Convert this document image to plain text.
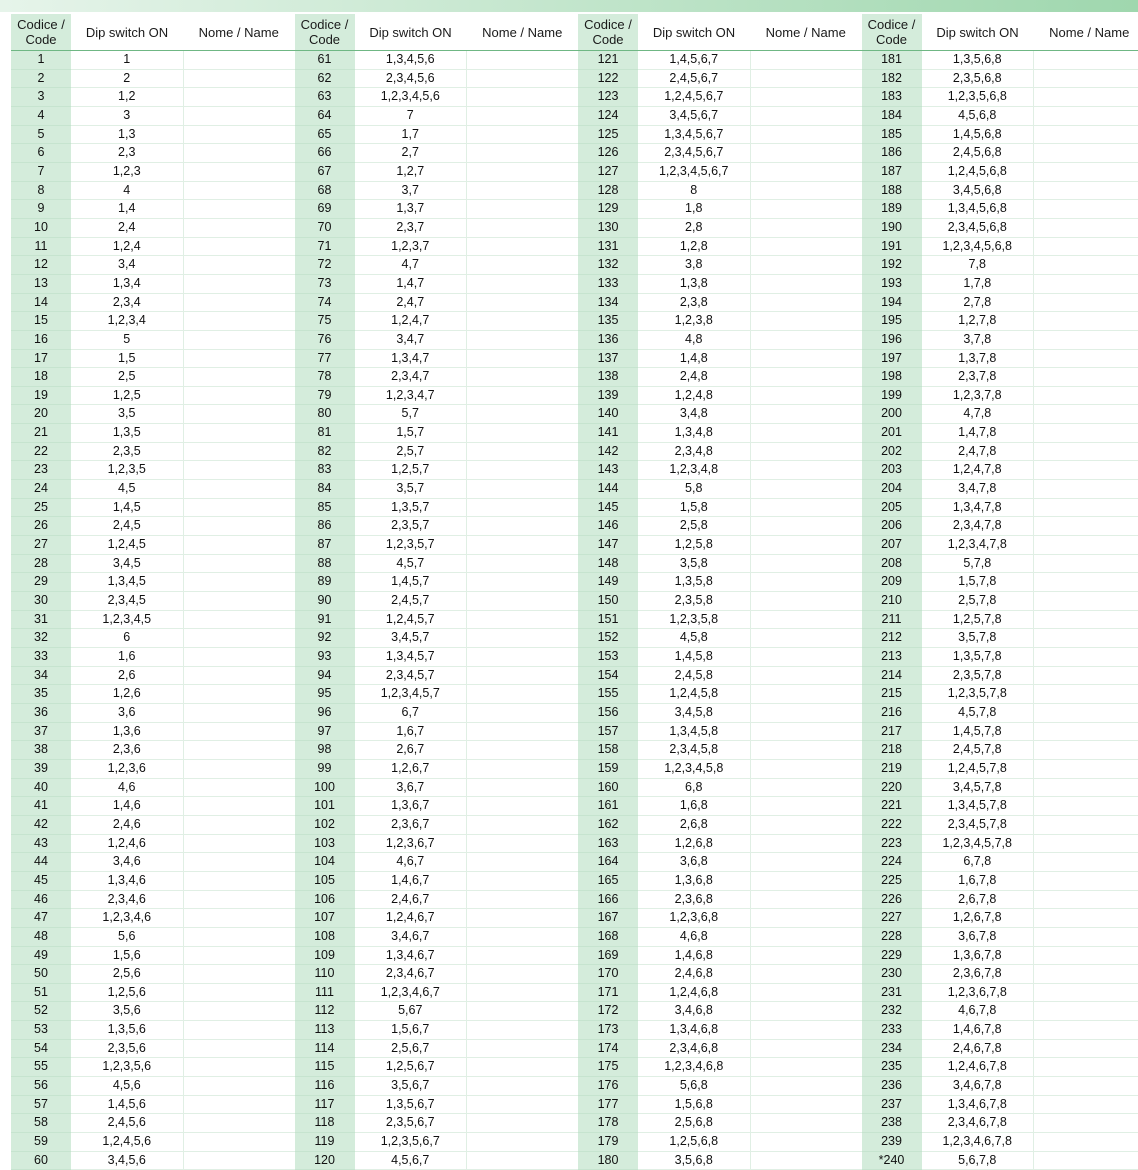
Codice / Code	Dip switch ON	Nome / Name
1	1	
2	2	
3	1,2	
4	3	
5	1,3	
6	2,3	
7	1,2,3	
8	4	
9	1,4	
10	2,4	
11	1,2,4	
12	3,4	
13	1,3,4	
14	2,3,4	
15	1,2,3,4	
16	5	
17	1,5	
18	2,5	
19	1,2,5	
20	3,5	
21	1,3,5	
22	2,3,5	
23	1,2,3,5	
24	4,5	
25	1,4,5	
26	2,4,5	
27	1,2,4,5	
28	3,4,5	
29	1,3,4,5	
30	2,3,4,5	
31	1,2,3,4,5	
32	6	
33	1,6	
34	2,6	
35	1,2,6	
36	3,6	
37	1,3,6	
38	2,3,6	
39	1,2,3,6	
40	4,6	
41	1,4,6	
42	2,4,6	
43	1,2,4,6	
44	3,4,6	
45	1,3,4,6	
46	2,3,4,6	
47	1,2,3,4,6	
48	5,6	
49	1,5,6	
50	2,5,6	
51	1,2,5,6	
52	3,5,6	
53	1,3,5,6	
54	2,3,5,6	
55	1,2,3,5,6	
56	4,5,6	
57	1,4,5,6	
58	2,4,5,6	
59	1,2,4,5,6	
60	3,4,5,6	
Codice / Code	Dip switch ON	Nome / Name
61	1,3,4,5,6	
62	2,3,4,5,6	
63	1,2,3,4,5,6	
64	7	
65	1,7	
66	2,7	
67	1,2,7	
68	3,7	
69	1,3,7	
70	2,3,7	
71	1,2,3,7	
72	4,7	
73	1,4,7	
74	2,4,7	
75	1,2,4,7	
76	3,4,7	
77	1,3,4,7	
78	2,3,4,7	
79	1,2,3,4,7	
80	5,7	
81	1,5,7	
82	2,5,7	
83	1,2,5,7	
84	3,5,7	
85	1,3,5,7	
86	2,3,5,7	
87	1,2,3,5,7	
88	4,5,7	
89	1,4,5,7	
90	2,4,5,7	
91	1,2,4,5,7	
92	3,4,5,7	
93	1,3,4,5,7	
94	2,3,4,5,7	
95	1,2,3,4,5,7	
96	6,7	
97	1,6,7	
98	2,6,7	
99	1,2,6,7	
100	3,6,7	
101	1,3,6,7	
102	2,3,6,7	
103	1,2,3,6,7	
104	4,6,7	
105	1,4,6,7	
106	2,4,6,7	
107	1,2,4,6,7	
108	3,4,6,7	
109	1,3,4,6,7	
110	2,3,4,6,7	
111	1,2,3,4,6,7	
112	5,67	
113	1,5,6,7	
114	2,5,6,7	
115	1,2,5,6,7	
116	3,5,6,7	
117	1,3,5,6,7	
118	2,3,5,6,7	
119	1,2,3,5,6,7	
120	4,5,6,7	
Codice / Code	Dip switch ON	Nome / Name
121	1,4,5,6,7	
122	2,4,5,6,7	
123	1,2,4,5,6,7	
124	3,4,5,6,7	
125	1,3,4,5,6,7	
126	2,3,4,5,6,7	
127	1,2,3,4,5,6,7	
128	8	
129	1,8	
130	2,8	
131	1,2,8	
132	3,8	
133	1,3,8	
134	2,3,8	
135	1,2,3,8	
136	4,8	
137	1,4,8	
138	2,4,8	
139	1,2,4,8	
140	3,4,8	
141	1,3,4,8	
142	2,3,4,8	
143	1,2,3,4,8	
144	5,8	
145	1,5,8	
146	2,5,8	
147	1,2,5,8	
148	3,5,8	
149	1,3,5,8	
150	2,3,5,8	
151	1,2,3,5,8	
152	4,5,8	
153	1,4,5,8	
154	2,4,5,8	
155	1,2,4,5,8	
156	3,4,5,8	
157	1,3,4,5,8	
158	2,3,4,5,8	
159	1,2,3,4,5,8	
160	6,8	
161	1,6,8	
162	2,6,8	
163	1,2,6,8	
164	3,6,8	
165	1,3,6,8	
166	2,3,6,8	
167	1,2,3,6,8	
168	4,6,8	
169	1,4,6,8	
170	2,4,6,8	
171	1,2,4,6,8	
172	3,4,6,8	
173	1,3,4,6,8	
174	2,3,4,6,8	
175	1,2,3,4,6,8	
176	5,6,8	
177	1,5,6,8	
178	2,5,6,8	
179	1,2,5,6,8	
180	3,5,6,8	
Codice / Code	Dip switch ON	Nome / Name
181	1,3,5,6,8	
182	2,3,5,6,8	
183	1,2,3,5,6,8	
184	4,5,6,8	
185	1,4,5,6,8	
186	2,4,5,6,8	
187	1,2,4,5,6,8	
188	3,4,5,6,8	
189	1,3,4,5,6,8	
190	2,3,4,5,6,8	
191	1,2,3,4,5,6,8	
192	7,8	
193	1,7,8	
194	2,7,8	
195	1,2,7,8	
196	3,7,8	
197	1,3,7,8	
198	2,3,7,8	
199	1,2,3,7,8	
200	4,7,8	
201	1,4,7,8	
202	2,4,7,8	
203	1,2,4,7,8	
204	3,4,7,8	
205	1,3,4,7,8	
206	2,3,4,7,8	
207	1,2,3,4,7,8	
208	5,7,8	
209	1,5,7,8	
210	2,5,7,8	
211	1,2,5,7,8	
212	3,5,7,8	
213	1,3,5,7,8	
214	2,3,5,7,8	
215	1,2,3,5,7,8	
216	4,5,7,8	
217	1,4,5,7,8	
218	2,4,5,7,8	
219	1,2,4,5,7,8	
220	3,4,5,7,8	
221	1,3,4,5,7,8	
222	2,3,4,5,7,8	
223	1,2,3,4,5,7,8	
224	6,7,8	
225	1,6,7,8	
226	2,6,7,8	
227	1,2,6,7,8	
228	3,6,7,8	
229	1,3,6,7,8	
230	2,3,6,7,8	
231	1,2,3,6,7,8	
232	4,6,7,8	
233	1,4,6,7,8	
234	2,4,6,7,8	
235	1,2,4,6,7,8	
236	3,4,6,7,8	
237	1,3,4,6,7,8	
238	2,3,4,6,7,8	
239	1,2,3,4,6,7,8	
*240	5,6,7,8	
